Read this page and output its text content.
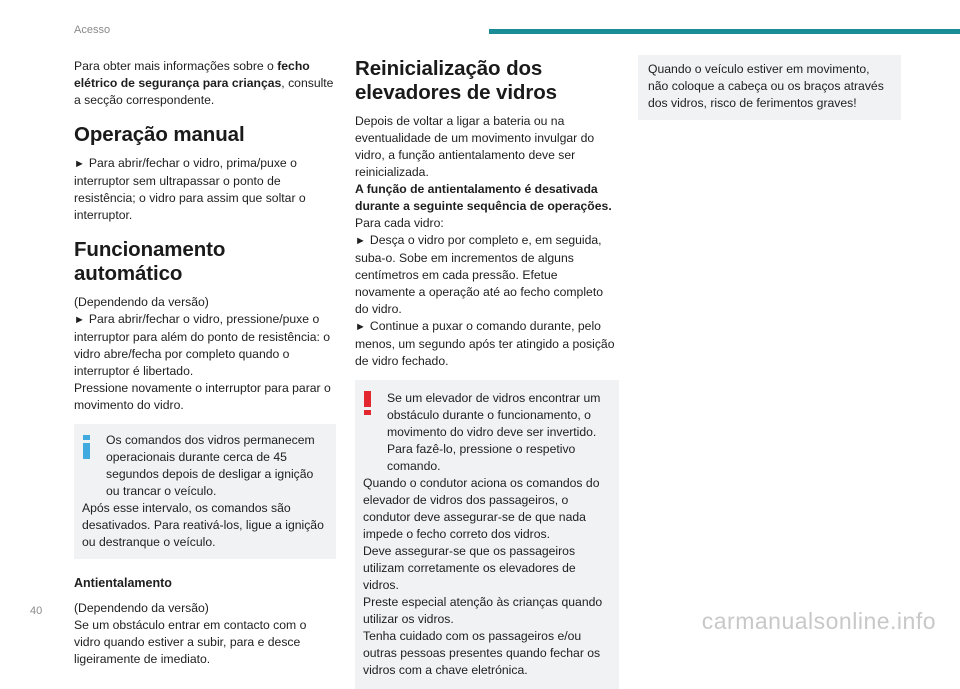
Acesso

Para obter mais informações sobre o fecho elétrico de segurança para crianças, consulte a secção correspondente.

Operação manual

► Para abrir/fechar o vidro, prima/puxe o interruptor sem ultrapassar o ponto de resistência; o vidro para assim que soltar o interruptor.

Funcionamento automático

(Dependendo da versão)

► Para abrir/fechar o vidro, pressione/puxe o interruptor para além do ponto de resistência: o vidro abre/fecha por completo quando o interruptor é libertado.

Pressione novamente o interruptor para parar o movimento do vidro.

Os comandos dos vidros permanecem operacionais durante cerca de 45 segundos depois de desligar a ignição ou trancar o veículo.

Após esse intervalo, os comandos são desativados. Para reativá-los, ligue a ignição ou destranque o veículo.

Antientalamento

(Dependendo da versão)

Se um obstáculo entrar em contacto com o vidro quando estiver a subir, para e desce ligeiramente de imediato.

Reinicialização dos elevadores de vidros

Depois de voltar a ligar a bateria ou na eventualidade de um movimento invulgar do vidro, a função antientalamento deve ser reinicializada.

A função de antientalamento é desativada durante a seguinte sequência de operações.

Para cada vidro:

► Desça o vidro por completo e, em seguida, suba-o. Sobe em incrementos de alguns centímetros em cada pressão. Efetue novamente a operação até ao fecho completo do vidro.

► Continue a puxar o comando durante, pelo menos, um segundo após ter atingido a posição de vidro fechado.

Se um elevador de vidros encontrar um obstáculo durante o funcionamento, o movimento do vidro deve ser invertido. Para fazê-lo, pressione o respetivo comando.

Quando o condutor aciona os comandos do elevador de vidros dos passageiros, o condutor deve assegurar-se de que nada impede o fecho correto dos vidros.

Deve assegurar-se que os passageiros utilizam corretamente os elevadores de vidros.

Preste especial atenção às crianças quando utilizar os vidros.

Tenha cuidado com os passageiros e/ou outras pessoas presentes quando fechar os vidros com a chave eletrónica.

Quando o veículo estiver em movimento, não coloque a cabeça ou os braços através dos vidros, risco de ferimentos graves!

40	carmanualsonline.info
